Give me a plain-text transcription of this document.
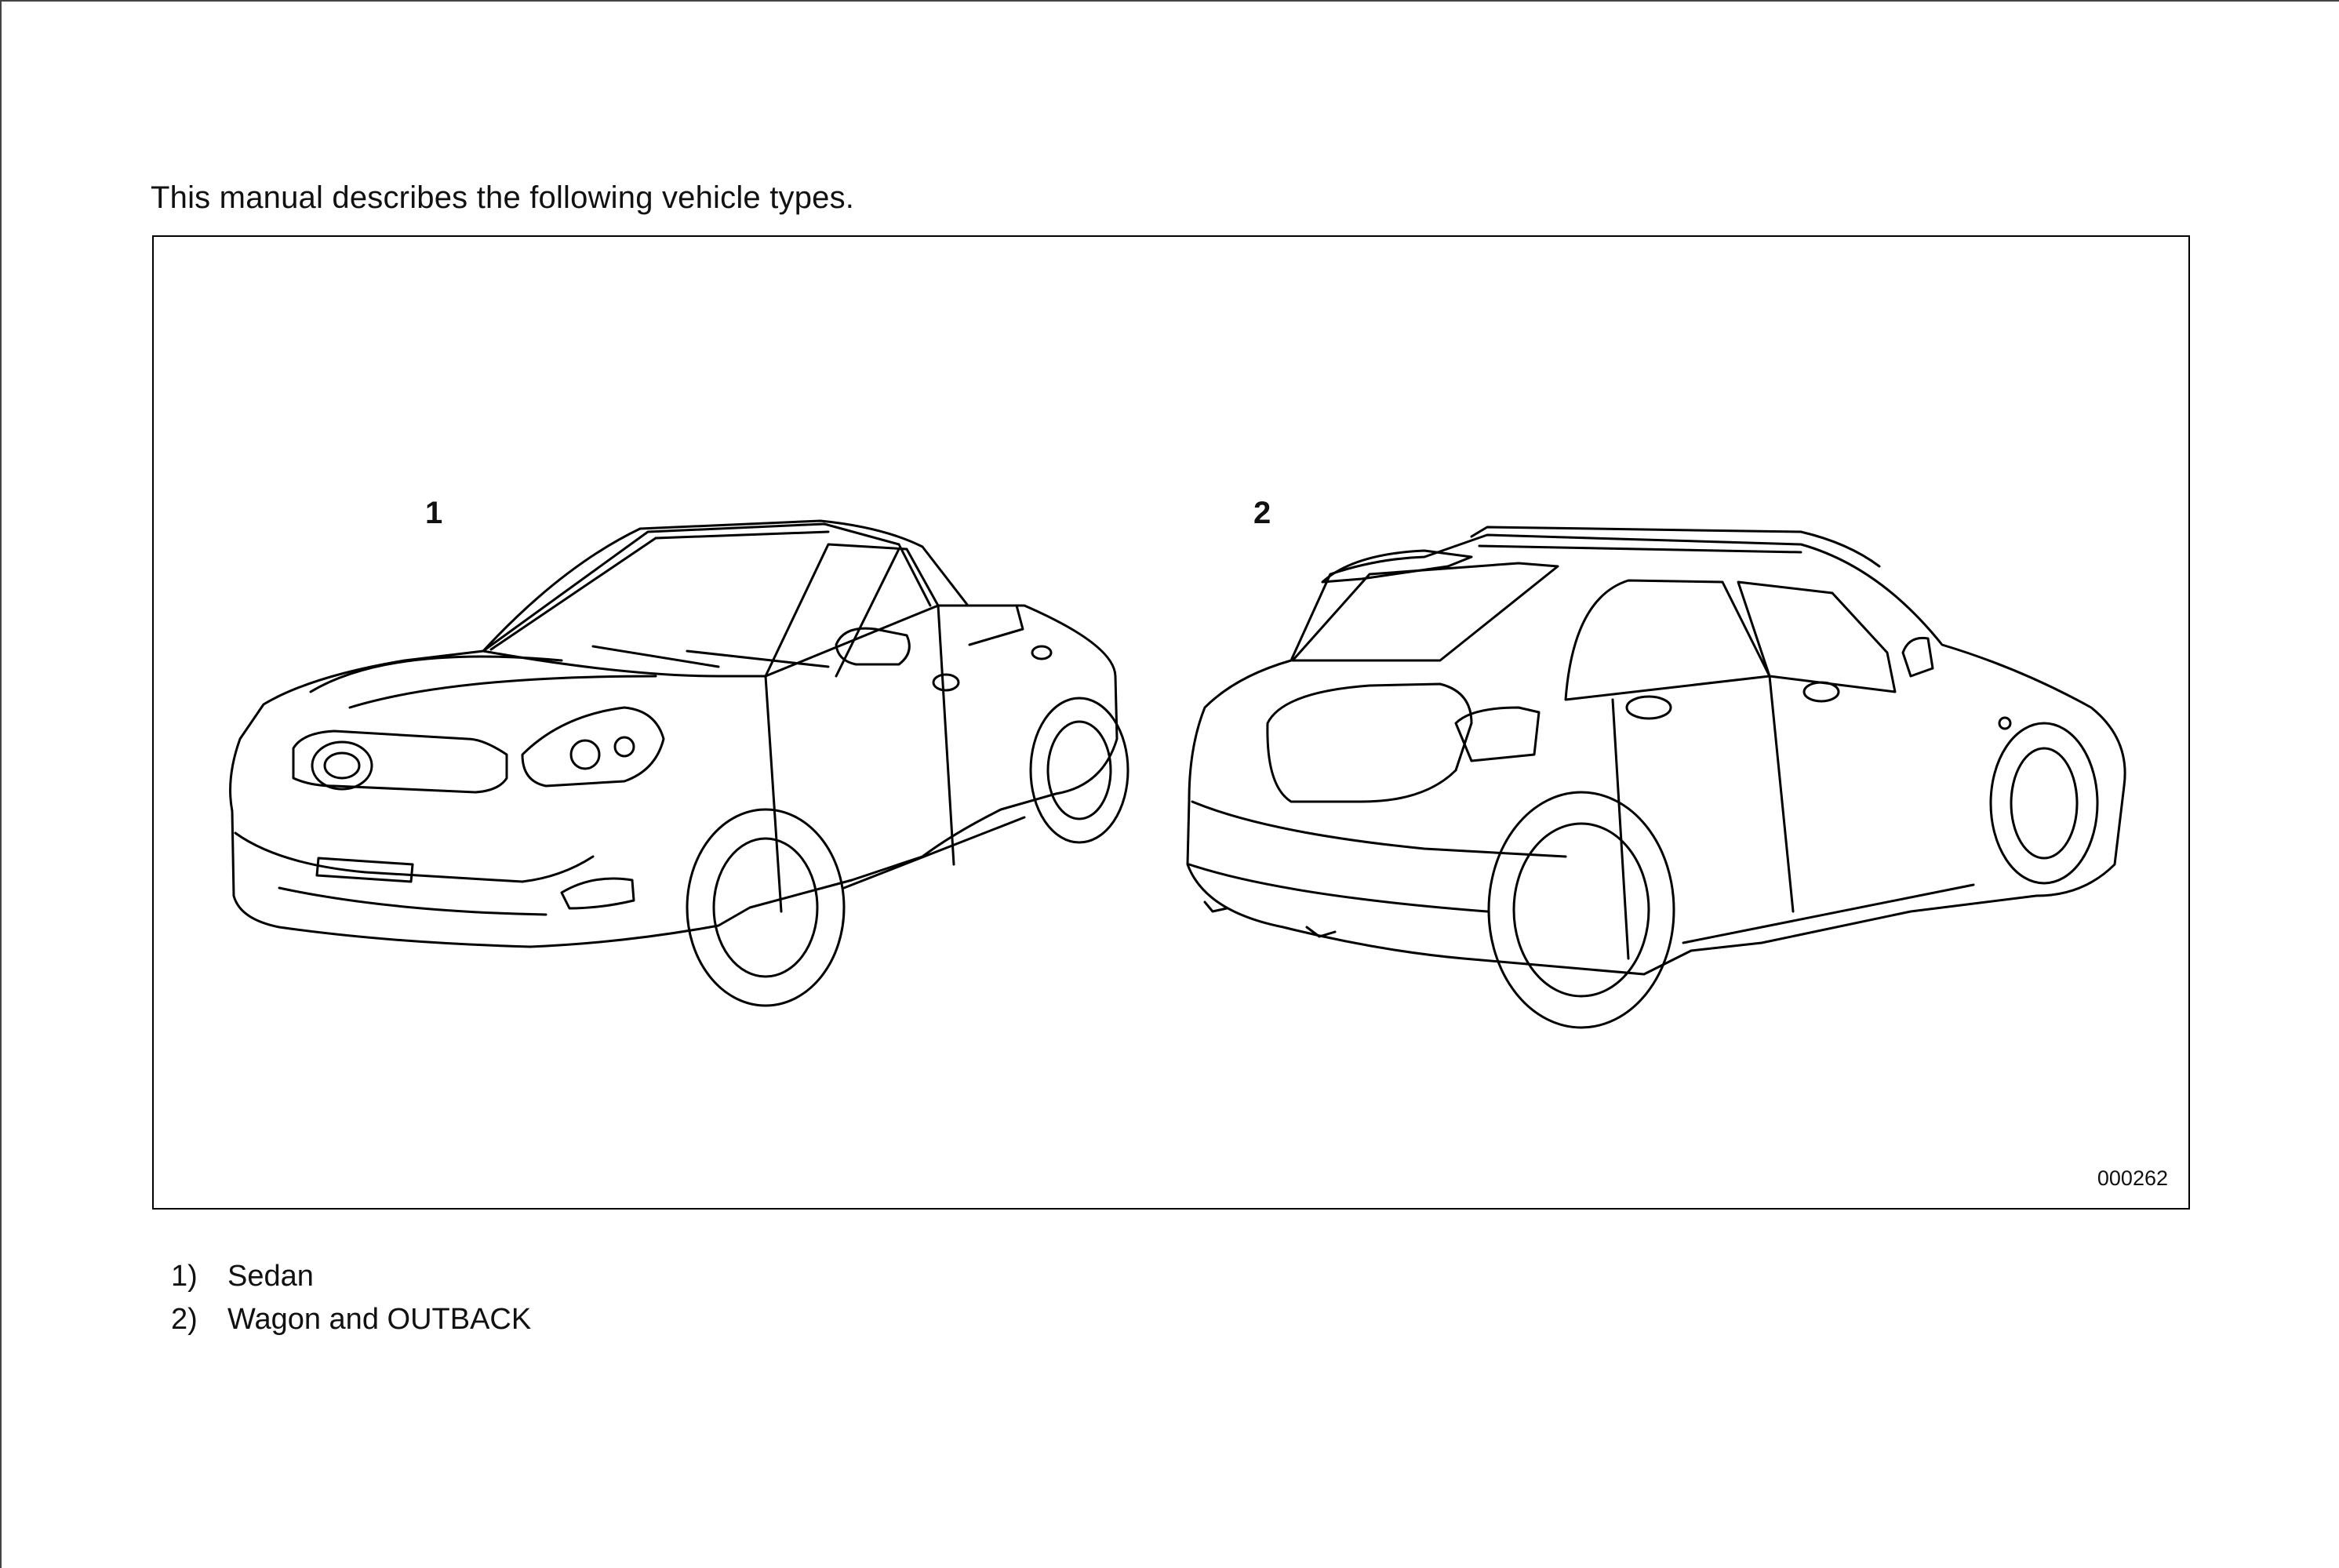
This manual describes the following vehicle types.
1	2
000262
1)	Sedan
2)	Wagon and OUTBACK
